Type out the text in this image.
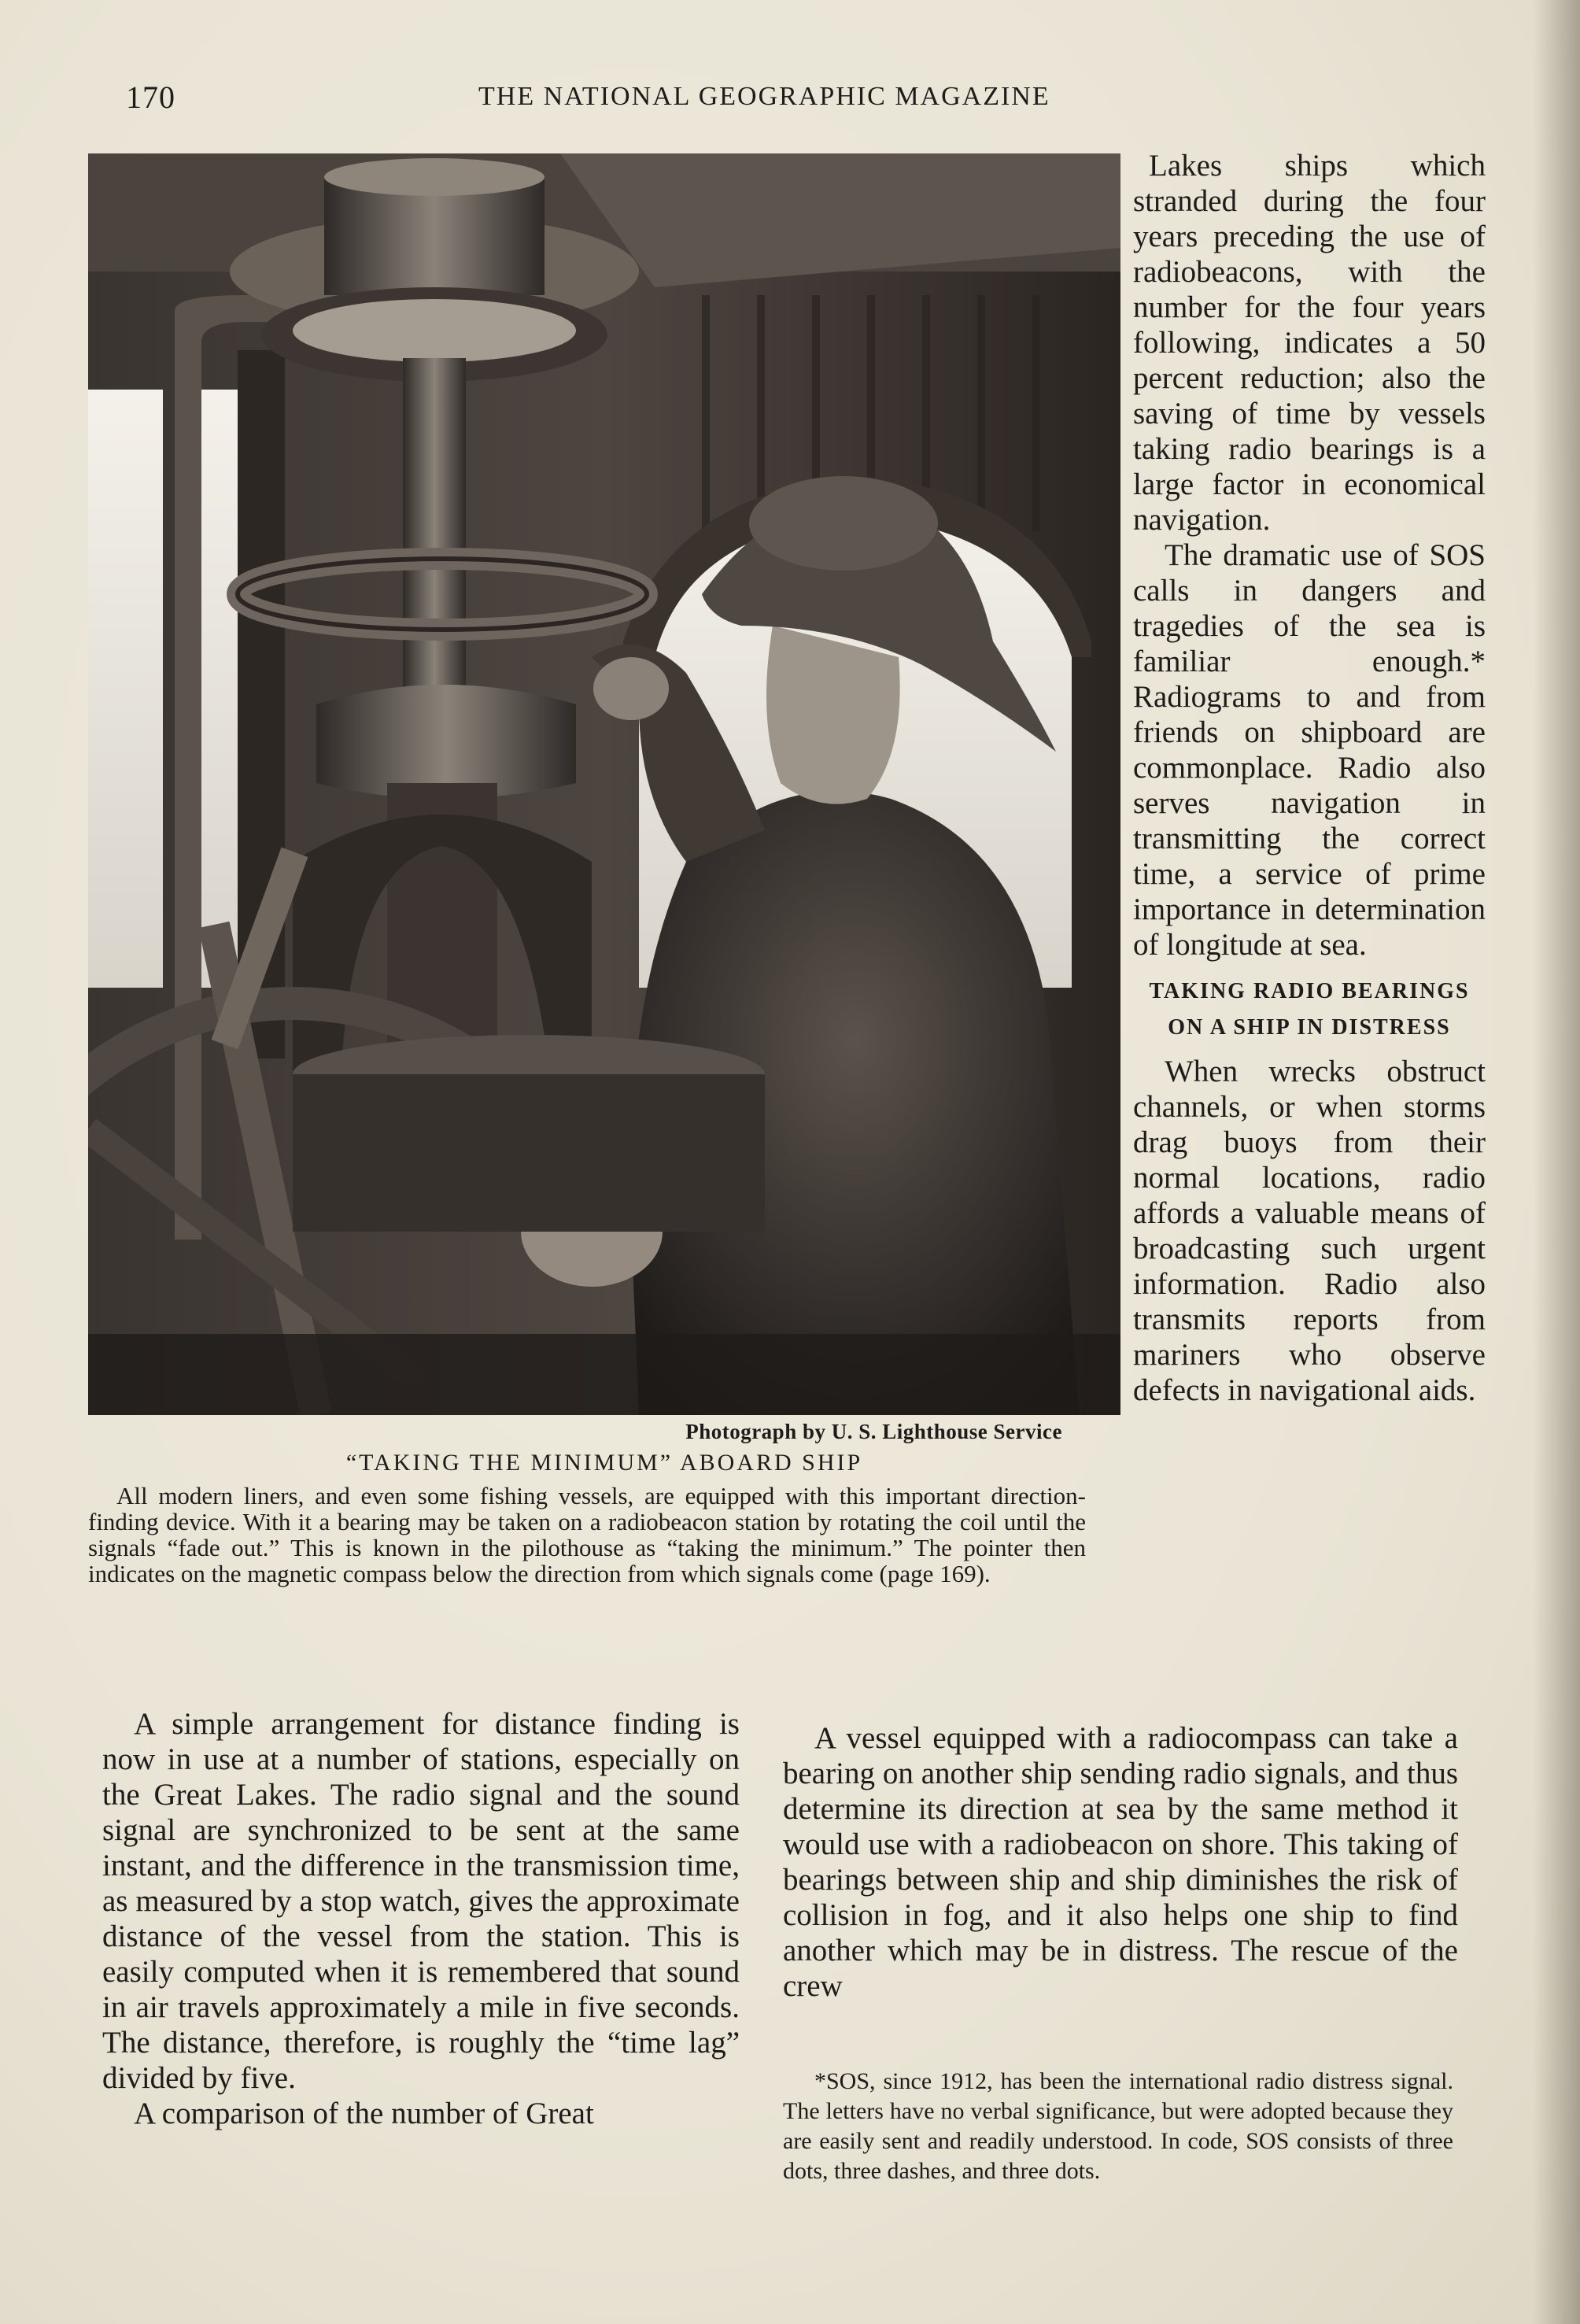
170	THE NATIONAL GEOGRAPHIC MAGAZINE
Photograph by U. S. Lighthouse Service
“TAKING THE MINIMUM” ABOARD SHIP

All modern liners, and even some fishing vessels, are equipped with this important direction-finding device. With it a bearing may be taken on a radiobeacon station by rotating the coil until the signals “fade out.” This is known in the pilothouse as “taking the minimum.” The pointer then indicates on the magnetic compass below the direction from which signals come (page 169).

Lakes ships which stranded during the four years preceding the use of radiobeacons, with the number for the four years following, indicates a 50 percent reduction; also the saving of time by vessels taking radio bearings is a large factor in economical navigation.

The dramatic use of SOS calls in dangers and tragedies of the sea is familiar enough.* Radiograms to and from friends on shipboard are commonplace. Radio also serves navigation in transmitting the correct time, a service of prime importance in determination of longitude at sea.

TAKING RADIO BEARINGS ON A SHIP IN DISTRESS

When wrecks obstruct channels, or when storms drag buoys from their normal locations, radio affords a valuable means of broadcasting such urgent information. Radio also transmits reports from mariners who observe defects in navigational aids.

A simple arrangement for distance finding is now in use at a number of stations, especially on the Great Lakes. The radio signal and the sound signal are synchronized to be sent at the same instant, and the difference in the transmission time, as measured by a stop watch, gives the approximate distance of the vessel from the station. This is easily computed when it is remembered that sound in air travels approximately a mile in five seconds. The distance, therefore, is roughly the “time lag” divided by five.

A comparison of the number of Great

A vessel equipped with a radiocompass can take a bearing on another ship sending radio signals, and thus determine its direction at sea by the same method it would use with a radiobeacon on shore. This taking of bearings between ship and ship diminishes the risk of collision in fog, and it also helps one ship to find another which may be in distress. The rescue of the crew

*SOS, since 1912, has been the international radio distress signal. The letters have no verbal significance, but were adopted because they are easily sent and readily understood. In code, SOS consists of three dots, three dashes, and three dots.
